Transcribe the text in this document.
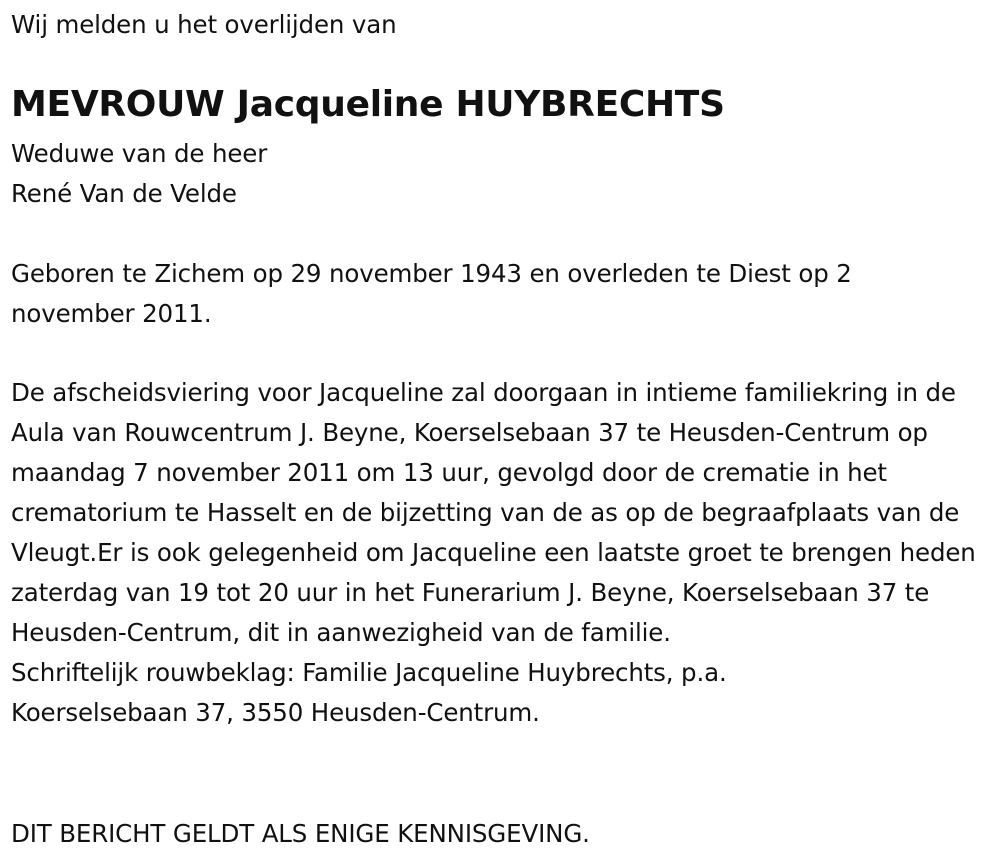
Wij melden u het overlijden van

MEVROUW Jacqueline HUYBRECHTS

Weduwe van de heer

René Van de Velde

Geboren te Zichem op 29 november 1943 en overleden te Diest op 2 november 2011.

De afscheidsviering voor Jacqueline zal doorgaan in intieme familiekring in de Aula van Rouwcentrum J. Beyne, Koerselsebaan 37 te Heusden-Centrum op maandag 7 november 2011 om 13 uur, gevolgd door de crematie in het crematorium te Hasselt en de bijzetting van de as op de begraafplaats van de Vleugt.Er is ook gelegenheid om Jacqueline een laatste groet te brengen heden zaterdag van 19 tot 20 uur in het Funerarium J. Beyne, Koerselsebaan 37 te Heusden-Centrum, dit in aanwezigheid van de familie.

Schriftelijk rouwbeklag: Familie Jacqueline Huybrechts, p.a.

Koerselsebaan 37, 3550 Heusden-Centrum.

DIT BERICHT GELDT ALS ENIGE KENNISGEVING.
